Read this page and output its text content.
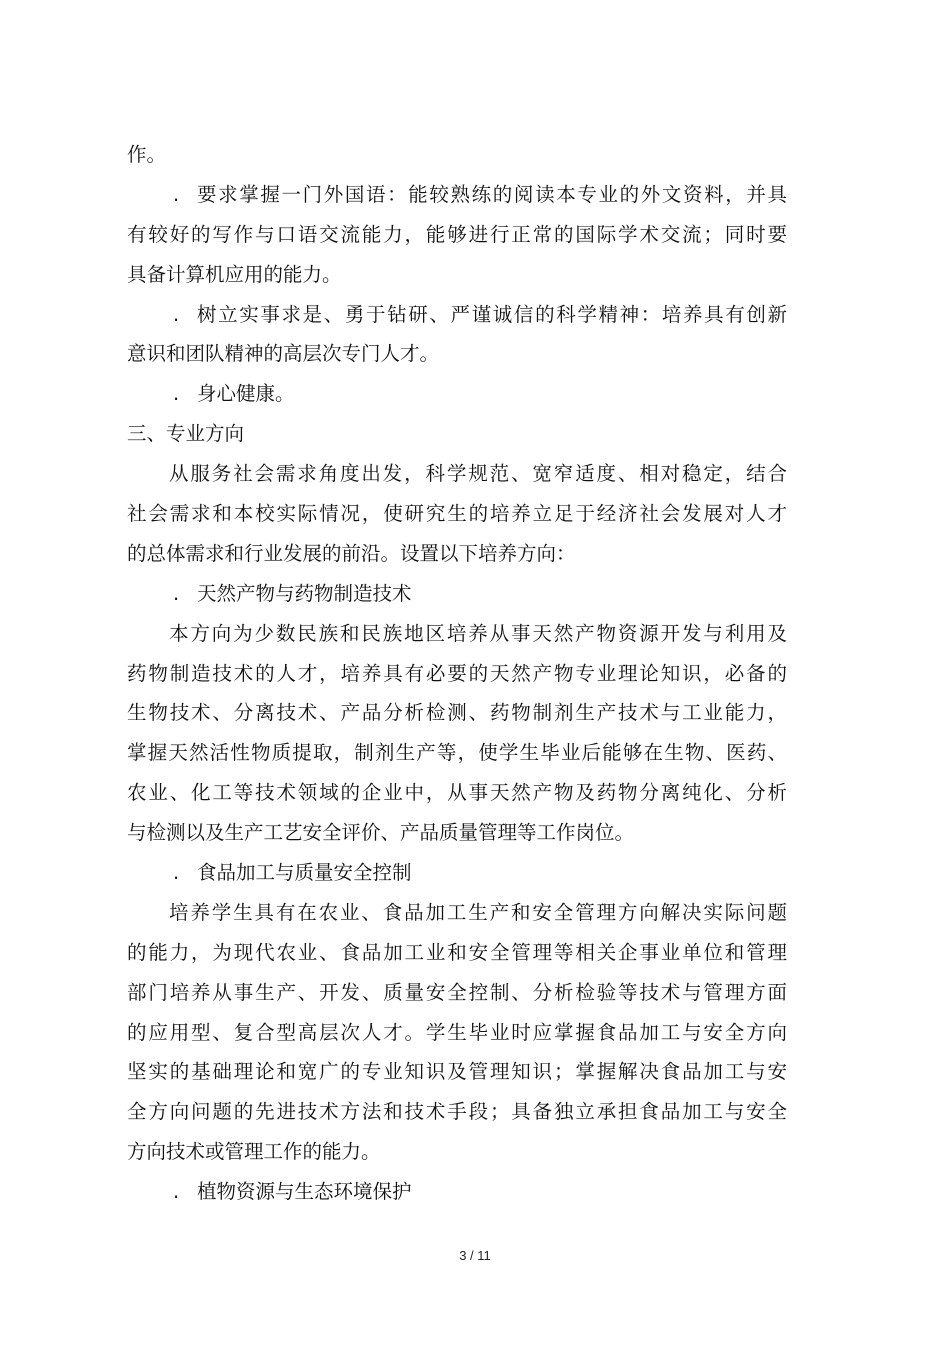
作。
. 要求掌握一门外国语：能较熟练的阅读本专业的外文资料，并具
有较好的写作与口语交流能力，能够进行正常的国际学术交流；同时要
具备计算机应用的能力。
. 树立实事求是、勇于钻研、严谨诚信的科学精神：培养具有创新
意识和团队精神的高层次专门人才。
. 身心健康。
三、专业方向
从服务社会需求角度出发，科学规范、宽窄适度、相对稳定，结合
社会需求和本校实际情况，使研究生的培养立足于经济社会发展对人才
的总体需求和行业发展的前沿。设置以下培养方向：
. 天然产物与药物制造技术
本方向为少数民族和民族地区培养从事天然产物资源开发与利用及
药物制造技术的人才，培养具有必要的天然产物专业理论知识，必备的
生物技术、分离技术、产品分析检测、药物制剂生产技术与工业能力，
掌握天然活性物质提取，制剂生产等，使学生毕业后能够在生物、医药、
农业、化工等技术领域的企业中，从事天然产物及药物分离纯化、分析
与检测以及生产工艺安全评价、产品质量管理等工作岗位。
. 食品加工与质量安全控制
培养学生具有在农业、食品加工生产和安全管理方向解决实际问题
的能力，为现代农业、食品加工业和安全管理等相关企事业单位和管理
部门培养从事生产、开发、质量安全控制、分析检验等技术与管理方面
的应用型、复合型高层次人才。学生毕业时应掌握食品加工与安全方向
坚实的基础理论和宽广的专业知识及管理知识；掌握解决食品加工与安
全方向问题的先进技术方法和技术手段；具备独立承担食品加工与安全
方向技术或管理工作的能力。
. 植物资源与生态环境保护
3 / 11
